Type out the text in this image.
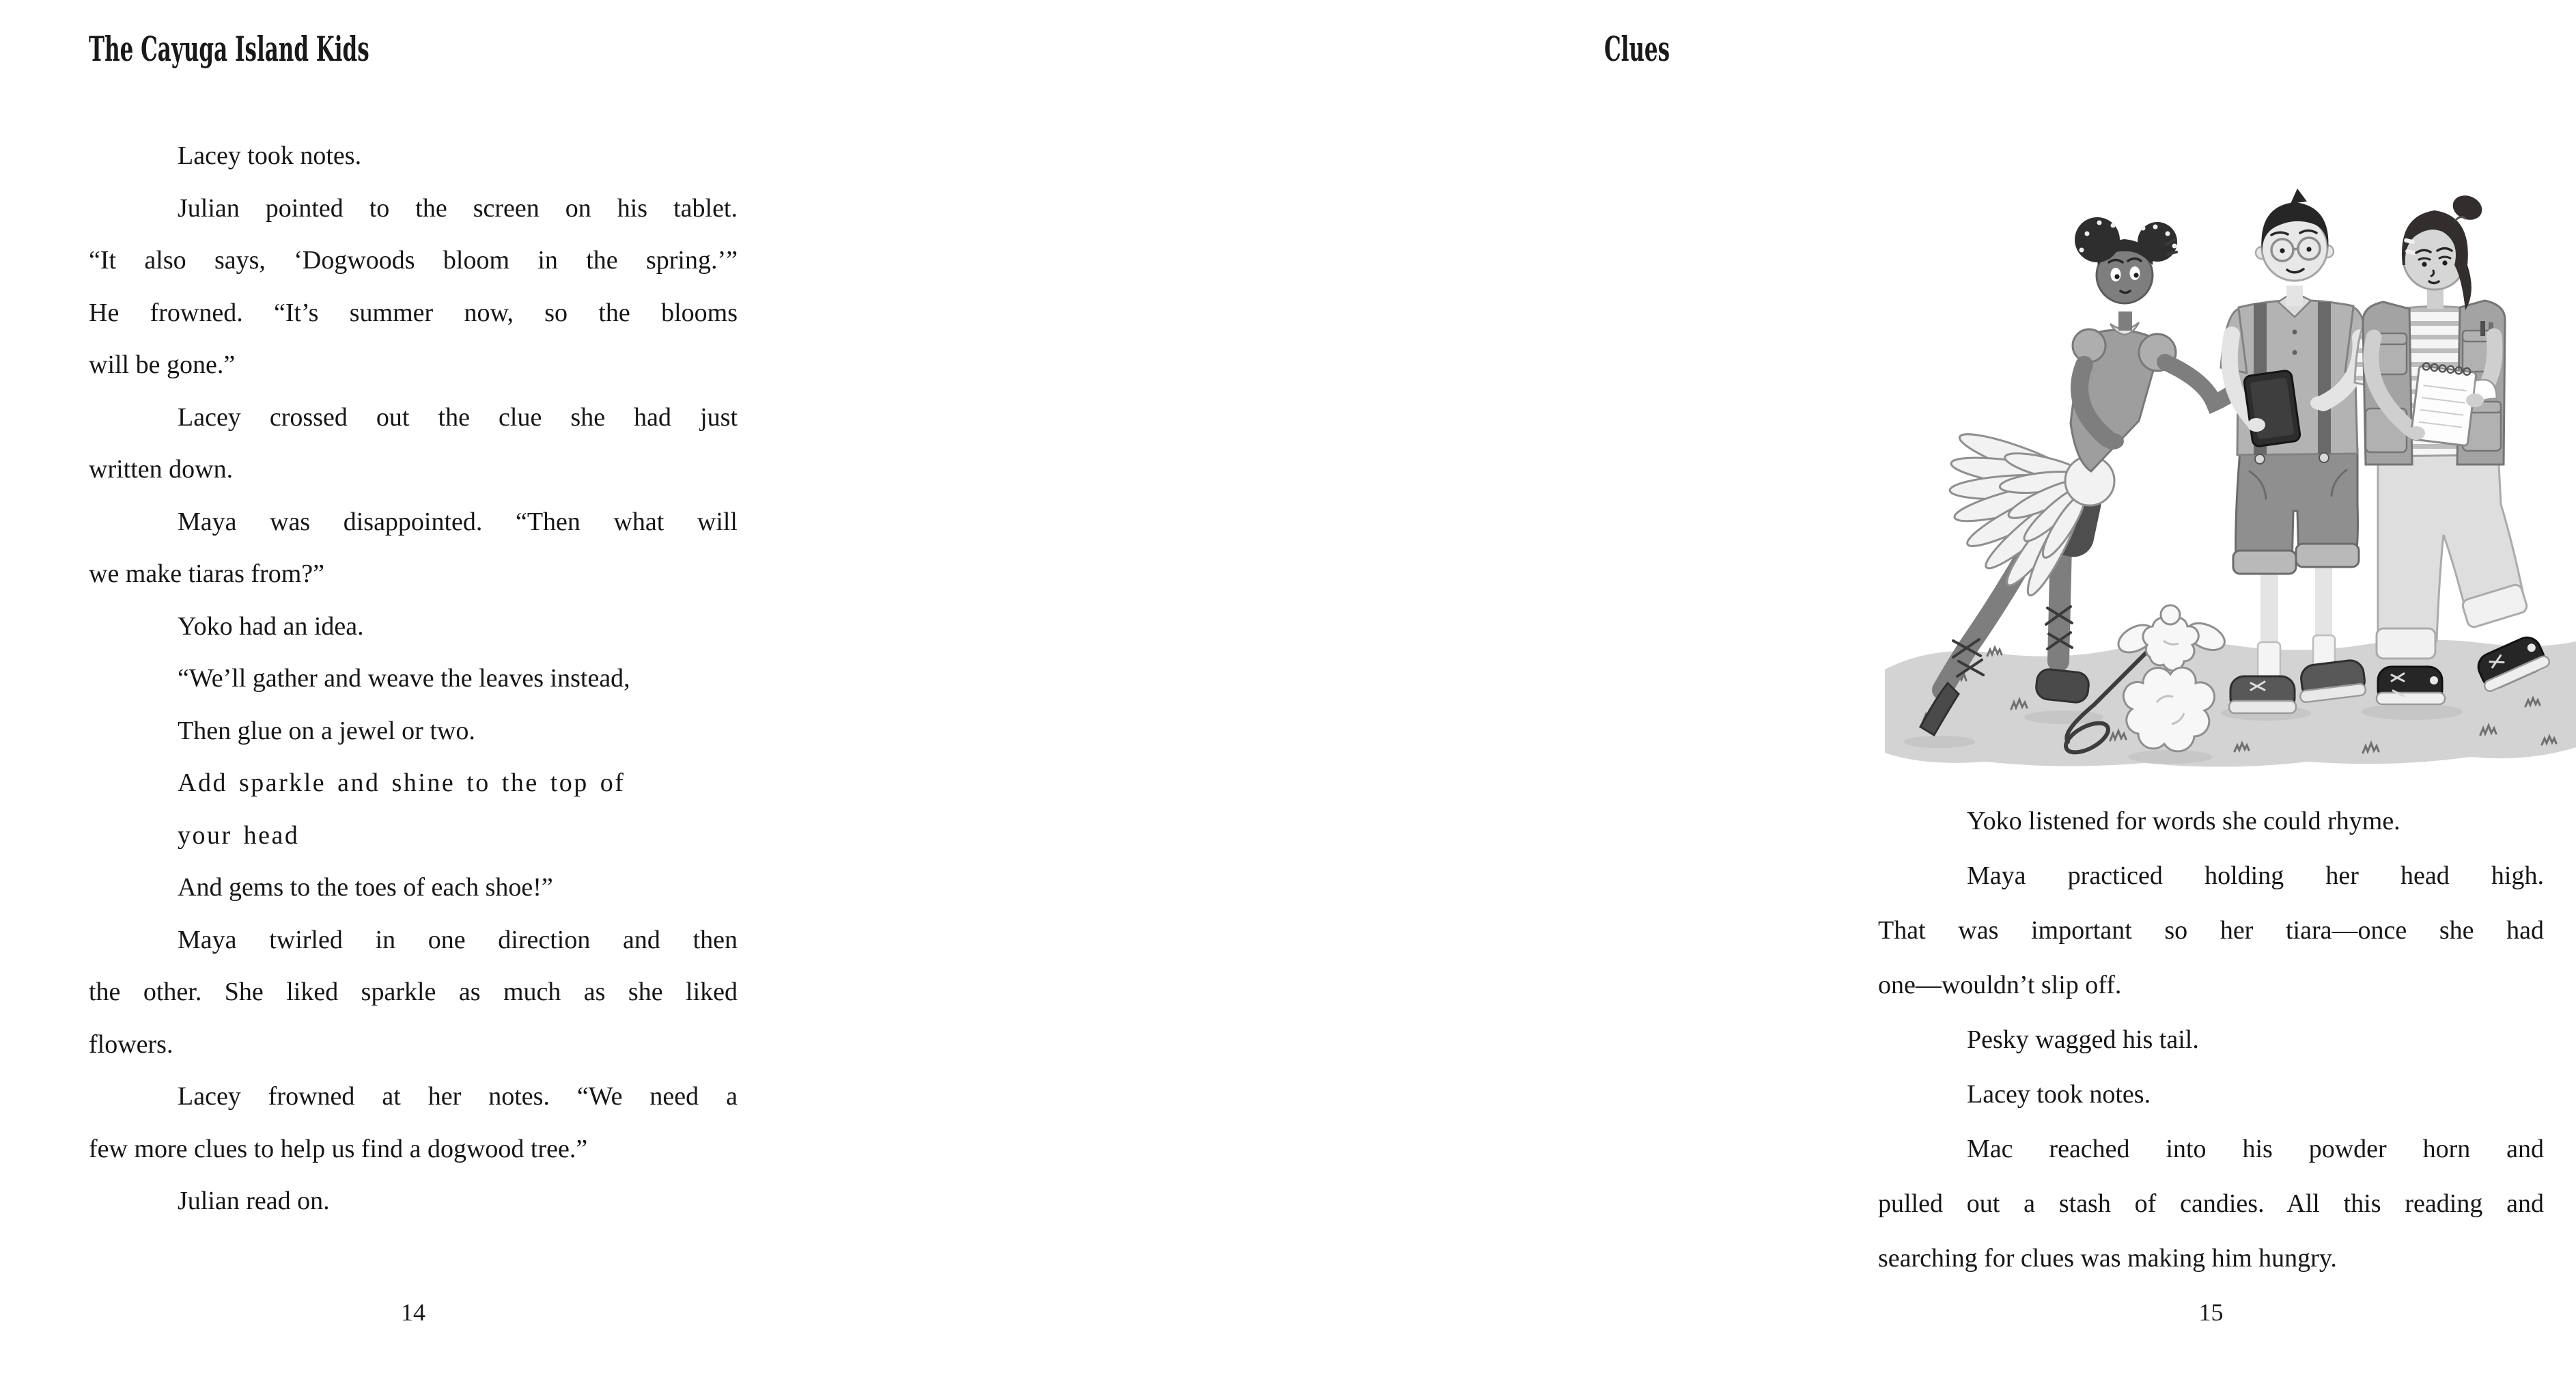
The Cayuga Island Kids
Lacey took notes.
Julian pointed to the screen on his tablet.
“It also says, ‘Dogwoods bloom in the spring.’”
He frowned. “It’s summer now, so the blooms
will be gone.”
Lacey crossed out the clue she had just
written down.
Maya was disappointed. “Then what will
we make tiaras from?”
Yoko had an idea.
“We’ll gather and weave the leaves instead,
Then glue on a jewel or two.
Add sparkle and shine to the top of
your head
And gems to the toes of each shoe!”
Maya twirled in one direction and then
the other. She liked sparkle as much as she liked
flowers.
Lacey frowned at her notes. “We need a
few more clues to help us find a dogwood tree.”
Julian read on.
14
Clues
Yoko listened for words she could rhyme.
Maya practiced holding her head high.
That was important so her tiara—once she had
one—wouldn’t slip off.
Pesky wagged his tail.
Lacey took notes.
Mac reached into his powder horn and
pulled out a stash of candies. All this reading and
searching for clues was making him hungry.
15
